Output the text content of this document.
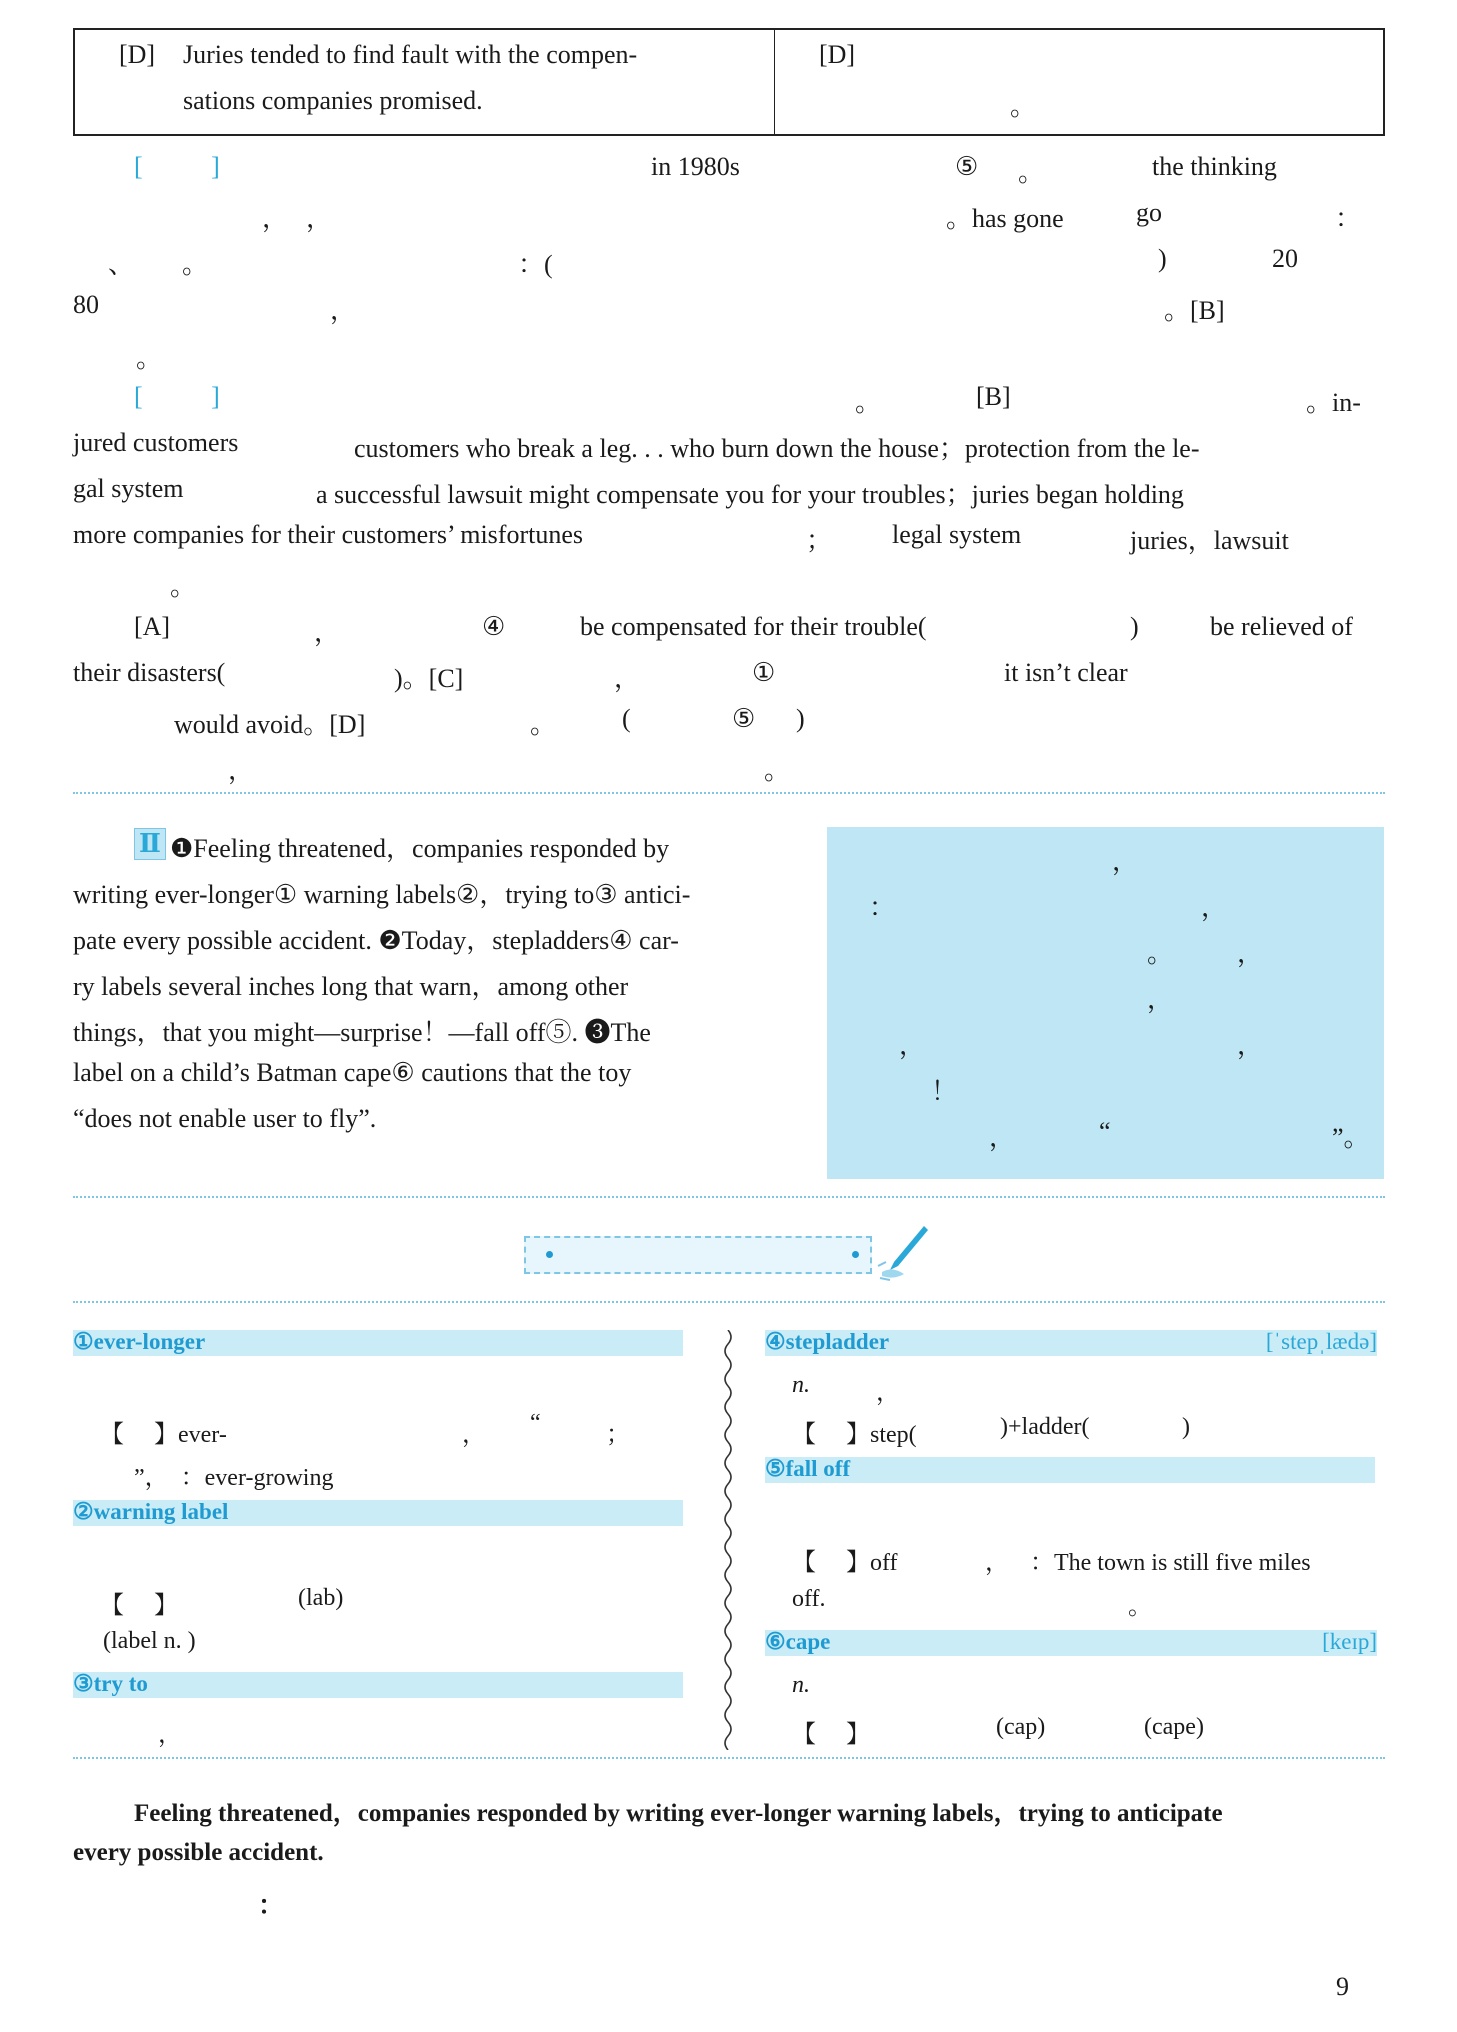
[D] Juries tended to find fault with the compen-
sations companies promised.
[D]
。
[ ]	in 1980s	⑤ 。	the thinking
， ，	。has gone	go	：
、 。	：(	)	20
80	，	。[B]
。
[ ]	。	[B]	。in-
jured customers	customers who break a leg. . . who burn down the house；protection from the le-
gal system	a successful lawsuit might compensate you for your troubles；juries began holding
more companies for their customers’ misfortunes	； legal system	juries，lawsuit
。
[A]	，	④	be compensated for their trouble(	)	be relieved of
their disasters(	)。[C]	，	①	it isn’t clear
would avoid。[D]	。	(	⑤ )
，	。
Ⅱ ❶Feeling threatened，companies responded by
writing ever-longer① warning labels②，trying to③ antici-
pate every possible accident. ❷Today，stepladders④ car-
ry labels several inches long that warn，among other
things，that you might—surprise！—fall off⑤. ❸The
label on a child’s Batman cape⑥ cautions that the toy
“does not enable user to fly”.
，
：	，
。 ，
，
，	，
！
，	“	”。
①ever-longer
【　 】ever-	， “	；
”，　：ever-growing
②warning label
【　 】	(lab)
(label n. )
③try to
，
④stepladder	[ˈstepˌlædə]
n.	，
【　 】step(	)+ladder(	)
⑤fall off
【　 】off	， ：The town is still five miles
off.	。
⑥cape	[keɪp]
n.
【　 】	(cap)	(cape)
Feeling threatened，companies responded by writing ever-longer warning labels，trying to anticipate
every possible accident.
：
9
